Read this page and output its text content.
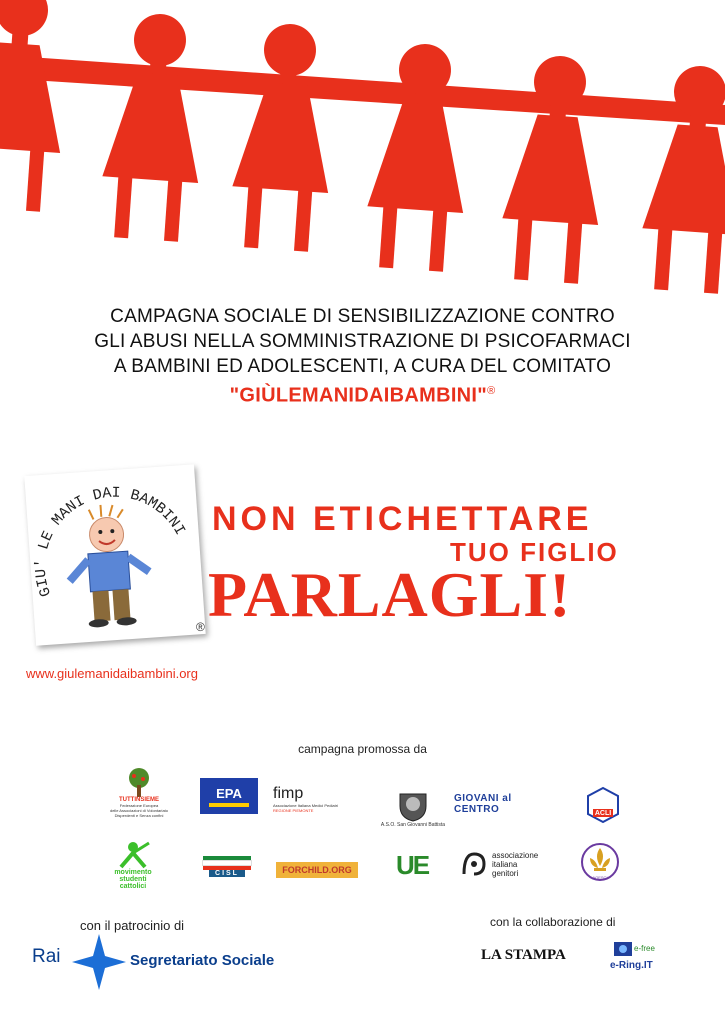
CAMPAGNA SOCIALE DI SENSIBILIZZAZIONE CONTRO
GLI ABUSI NELLA SOMMINISTRAZIONE DI PSICOFARMACI
A BAMBINI ED ADOLESCENTI, A CURA DEL COMITATO
"GIÙLEMANIDAIBAMBINI"®
GIU' LE MANI DAI BAMBINI
®
www.giulemanidaibambini.org
NON ETICHETTARE
TUO FIGLIO
PARLAGLI!
campagna promossa da
TUTTINSIEME
Federazione Europea
delle Associazioni di Volontariato
Disperdenti e Senza confini
EPA fimp
Associazione Italiana Medici Pediatri
REGIONE PIEMONTE
A.S.O. San Giovanni Battista
GIOVANI al CENTRO	ACLI
movimento
studenti
cattolici
CISL	FORCHILD.ORG UE	associazione
italiana
genitori	AGESCI
con il patrocinio di	con la collaborazione di
Rai	Segretariato Sociale	LA STAMPA	e-free
e-Ring.IT
